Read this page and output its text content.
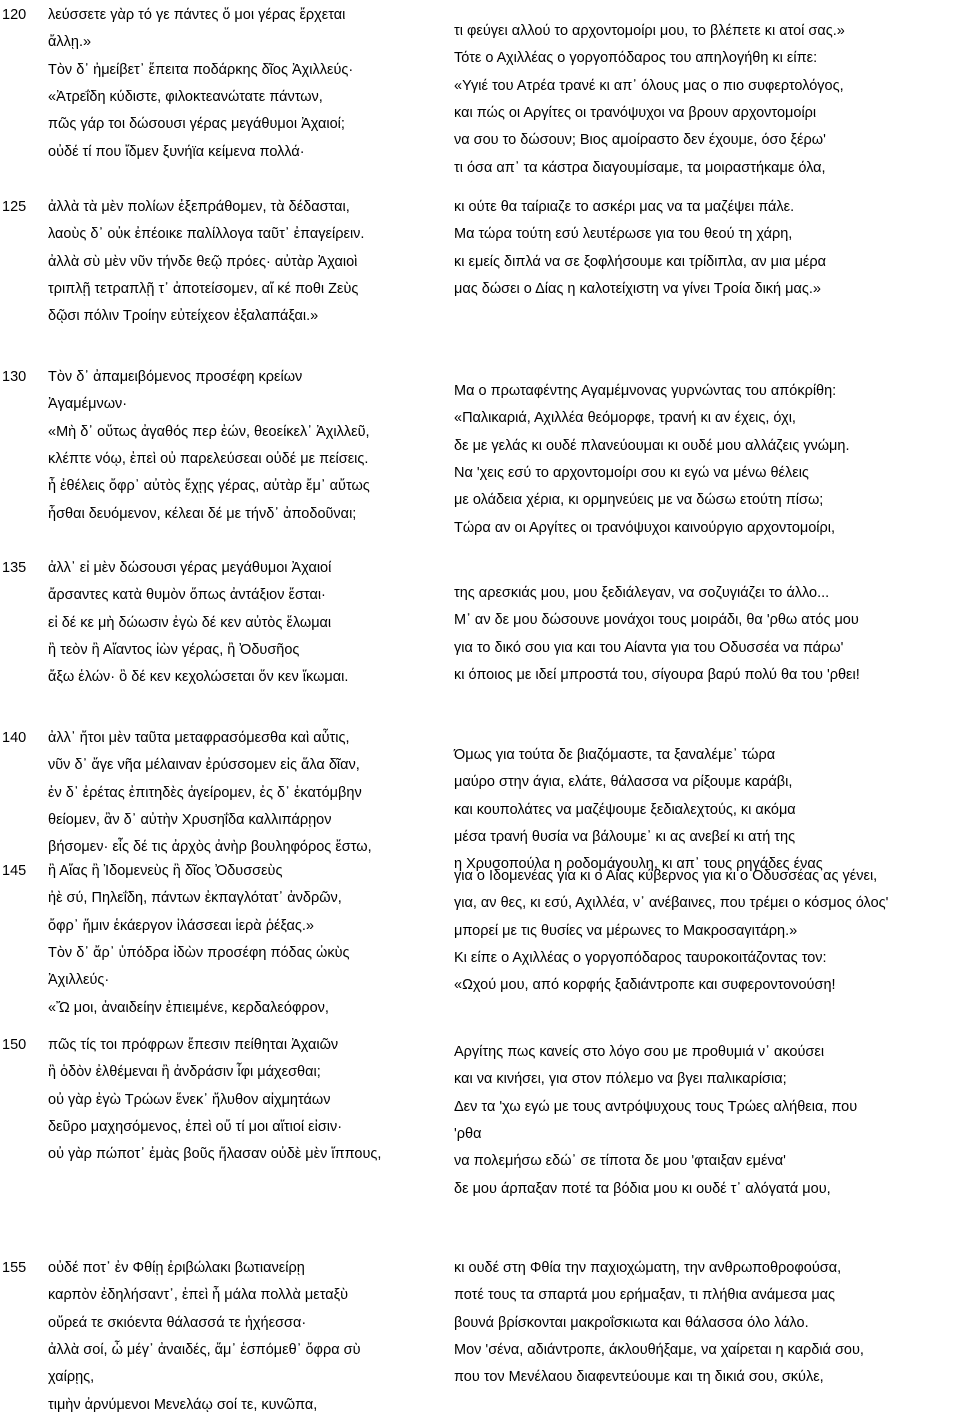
120 λεύσσετε γὰρ τό γε πάντες ὅ μοι γέρας ἔρχεται
ἄλλῃ.»
Τὸν δ᾽ ἠμείβετ᾽ ἔπειτα ποδάρκης δῖος Ἀχιλλεύς·
«Ἀτρεΐδη κύδιστε, φιλοκτεανώτατε πάντων,
πῶς γάρ τοι δώσουσι γέρας μεγάθυμοι Ἀχαιοί;
οὐδέ τί που ἴδμεν ξυνήϊα κείμενα πολλά·
τι φεύγει αλλού το αρχοντομοίρι μου, το βλέπετε κι ατοί σας.»
Τότε ο Αχιλλέας ο γοργοπόδαρος του απηλογήθη κι είπε:
«Υγιέ του Ατρέα τρανέ κι απ᾽ όλους μας ο πιο συφερτολόγος,
και πώς οι Αργίτες οι τρανόψυχοι να βρουν αρχοντομοίρι
να σου το δώσουν; Βιος αμοίραστο δεν έχουμε, όσο ξέρω'
τι όσα απ᾽ τα κάστρα διαγουμίσαμε, τα μοιραστήκαμε όλα,
125 ἀλλὰ τὰ μὲν πολίων ἐξεπράθομεν, τὰ δέδασται,
λαοὺς δ᾽ οὐκ ἐπέοικε παλίλλογα ταῦτ᾽ ἐπαγείρειν.
ἀλλὰ σὺ μὲν νῦν τήνδε θεῷ πρόες· αὐτὰρ Ἀχαιοὶ
τριπλῇ τετραπλῇ τ᾽ ἀποτείσομεν, αἴ κέ ποθι Ζεὺς
δῷσι πόλιν Τροίην εὐτείχεον ἐξαλαπάξαι.»
κι ούτε θα ταίριαζε το ασκέρι μας να τα μαζέψει πάλε.
Μα τώρα τούτη εσύ λευτέρωσε για του θεού τη χάρη,
κι εμείς διπλά να σε ξοφλήσουμε και τρίδιπλα, αν μια μέρα
μας δώσει ο Δίας η καλοτείχιστη να γίνει Τροία δική μας.»
130 Τὸν δ᾽ ἀπαμειβόμενος προσέφη κρείων
Ἀγαμέμνων·
«Μὴ δ᾽ οὕτως ἀγαθός περ ἐών, θεοείκελ᾽ Ἀχιλλεῦ,
κλέπτε νόῳ, ἐπεὶ οὐ παρελεύσεαι οὐδέ με πείσεις.
ἦ ἐθέλεις ὄφρ᾽ αὐτὸς ἔχῃς γέρας, αὐτὰρ ἔμ᾽ αὔτως
ἧσθαι δευόμενον, κέλεαι δέ με τήνδ᾽ ἀποδοῦναι;
Μα ο πρωταφέντης Αγαμέμνονας γυρνώντας του απόκρίθη:
«Παλικαριά, Αχιλλέα θεόμορφε, τρανή κι αν έχεις, όχι,
δε με γελάς κι ουδέ πλανεύουμαι κι ουδέ μου αλλάζεις γνώμη.
Να 'χεις εσύ το αρχοντομοίρι σου κι εγώ να μένω θέλεις
με ολάδεια χέρια, κι ορμηνεύεις με να δώσω ετούτη πίσω;
Τώρα αν οι Αργίτες οι τρανόψυχοι καινούργιο αρχοντομοίρι,
135 ἀλλ᾽ εἰ μὲν δώσουσι γέρας μεγάθυμοι Ἀχαιοί
ἄρσαντες κατὰ θυμὸν ὅπως ἀντάξιον ἔσται·
εἰ δέ κε μὴ δώωσιν ἐγὼ δέ κεν αὐτὸς ἕλωμαι
ἢ τεὸν ἢ Αἴαντος ἰὼν γέρας, ἢ Ὀδυσῆος
ἄξω ἑλών· ὃ δέ κεν κεχολώσεται ὅν κεν ἵκωμαι.
της αρεσκιάς μου, μου ξεδιάλεγαν, να σοζυγιάζει το άλλο...
Μ᾽ αν δε μου δώσουνε μονάχοι τους μοιράδι, θα 'ρθω ατός μου
για το δικό σου για και του Αίαντα για του Οδυσσέα να πάρω'
κι όποιος με ιδεί μπροστά του, σίγουρα βαρύ πολύ θα του 'ρθει!
140 ἀλλ᾽ ἤτοι μὲν ταῦτα μεταφρασόμεσθα καὶ αὖτις,
νῦν δ᾽ ἄγε νῆα μέλαιναν ἐρύσσομεν εἰς ἅλα δῖαν,
ἐν δ᾽ ἐρέτας ἐπιτηδὲς ἀγείρομεν, ἐς δ᾽ ἑκατόμβην
θείομεν, ἂν δ᾽ αὐτὴν Χρυσηΐδα καλλιπάρῃον
βήσομεν· εἷς δέ τις ἀρχὸς ἀνὴρ βουληφόρος ἔστω,
Όμως για τούτα δε βιαζόμαστε, τα ξαναλέμε᾽ τώρα
μαύρο στην άγια, ελάτε, θάλασσα να ρίξουμε καράβι,
και κουπολάτες να μαζέψουμε ξεδιαλεχτούς, κι ακόμα
μέσα τρανή θυσία να βάλουμε᾽ κι ας ανεβεί κι ατή της
η Χρυσοπούλα η ροδομάγουλη, κι απ᾽ τους ρηγάδες ένας
145 ἢ Αἴας ἢ Ἰδομενεὺς ἢ δῖος Ὀδυσσεὺς
ἠὲ σύ, Πηλεΐδη, πάντων ἐκπαγλότατ᾽ ἀνδρῶν,
ὄφρ᾽ ἥμιν ἑκάεργον ἱλάσσεαι ἱερὰ ῥέξας.»
Τὸν δ᾽ ἄρ᾽ ὑπόδρα ἰδὼν προσέφη πόδας ὠκὺς
Ἀχιλλεύς·
«Ὤ μοι, ἀναιδείην ἐπιειμένε, κερδαλεόφρον,
για ο Ιδομενέας για κι ο Αίας κύβερνος για κι ο Οδυσσέας ας γένει,
για, αν θες, κι εσύ, Αχιλλέα, ν᾽ ανέβαινες, που τρέμει ο κόσμος όλος'
μπορεί με τις θυσίες να μέρωνες το Μακροσαγιτάρη.»
Κι είπε ο Αχιλλέας ο γοργοπόδαρος ταυροκοιτάζοντας τον:
«Ωχού μου, από κορφής ξαδιάντροπε και συφεροντονούση!
150 πῶς τίς τοι πρόφρων ἔπεσιν πείθηται Ἀχαιῶν
ἢ ὁδὸν ἐλθέμεναι ἢ ἀνδράσιν ἶφι μάχεσθαι;
οὐ γὰρ ἐγὼ Τρώων ἕνεκ᾽ ἤλυθον αἰχμητάων
δεῦρο μαχησόμενος, ἐπεὶ οὔ τί μοι αἴτιοί εἰσιν·
οὐ γὰρ πώποτ᾽ ἐμὰς βοῦς ἤλασαν οὐδὲ μὲν ἵππους,
Αργίτης πως κανείς στο λόγο σου με προθυμιά ν᾽ ακούσει
και να κινήσει, για στον πόλεμο να βγει παλικαρίσια;
Δεν τα 'χω εγώ με τους αντρόψυχους τους Τρώες αλήθεια, που
'ρθα
να πολεμήσω εδώ᾽ σε τίποτα δε μου 'φταιξαν εμένα'
δε μου άρπαξαν ποτέ τα βόδια μου κι ουδέ τ᾽ αλόγατά μου,
155 οὐδέ ποτ᾽ ἐν Φθίῃ ἐριβώλακι βωτιανείρῃ
καρπὸν ἐδηλήσαντ᾽, ἐπεὶ ἦ μάλα πολλὰ μεταξὺ
οὔρεά τε σκιόεντα θάλασσά τε ἠχήεσσα·
ἀλλὰ σοί, ὦ μέγ᾽ ἀναιδές, ἅμ᾽ ἑσπόμεθ᾽ ὄφρα σὺ
χαίρῃς,
τιμὴν ἀρνύμενοι Μενελάῳ σοί τε, κυνῶπα,
κι ουδέ στη Φθία την παχιοχώματη, την ανθρωποθροφούσα,
ποτέ τους τα σπαρτά μου ερήμαξαν, τι πλήθια ανάμεσα μας
βουνά βρίσκονται μακροΐσκιωτα και θάλασσα όλο λάλο.
Μον 'σένα, αδιάντροπε, άκλουθήξαμε, να χαίρεται η καρδιά σου,
που τον Μενέλαου διαφεντεύουμε και τη δικιά σου, σκύλε,
